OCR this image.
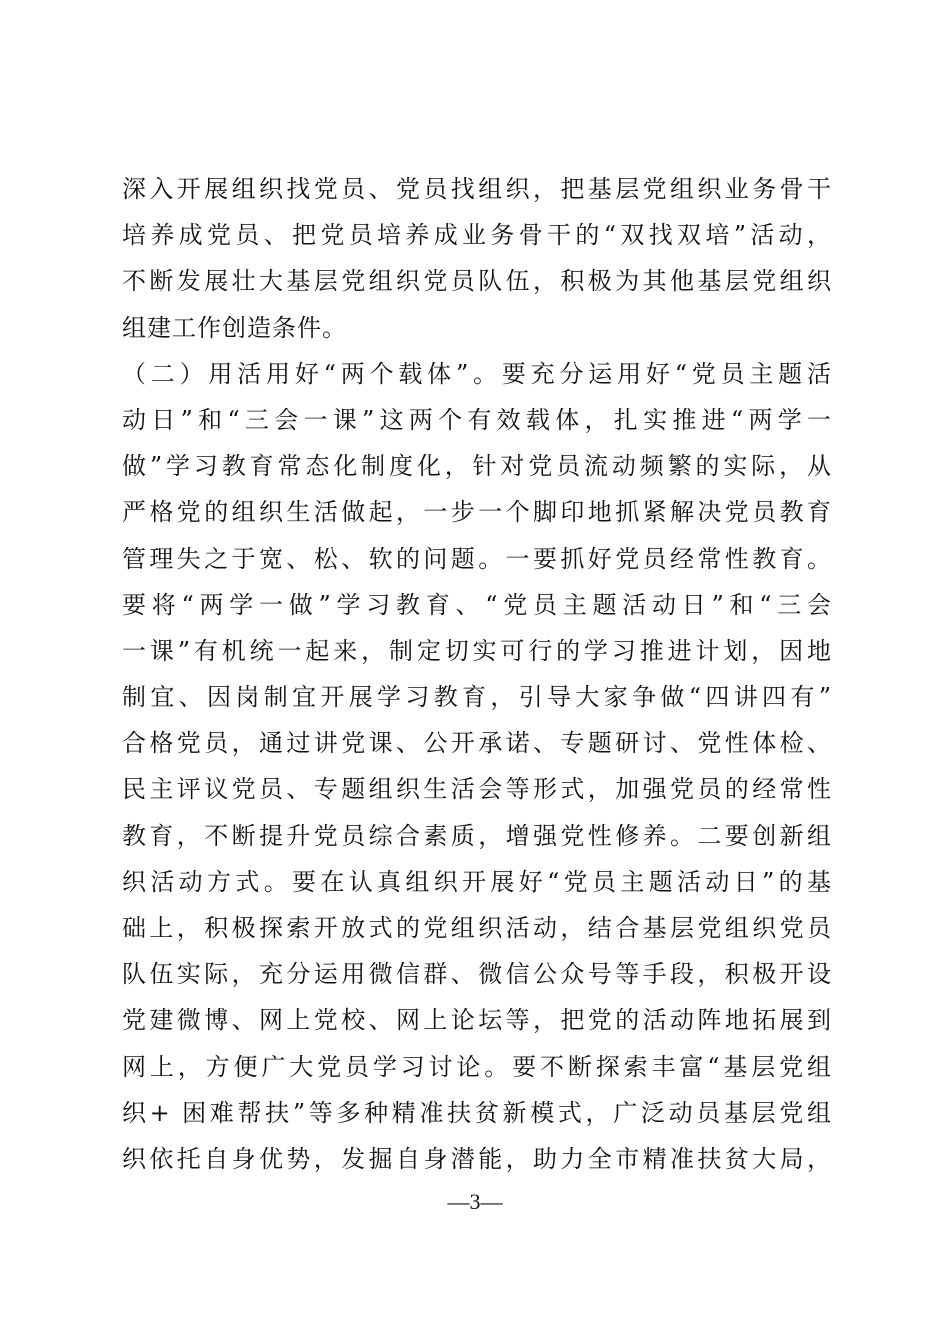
深入开展组织找党员、党员找组织，把基层党组织业务骨干
培养成党员、把党员培养成业务骨干的“双找双培”活动，
不断发展壮大基层党组织党员队伍，积极为其他基层党组织
组建工作创造条件。
（二）用活用好“两个载体”。要充分运用好“党员主题活
动日”和“三会一课”这两个有效载体，扎实推进“两学一
做”学习教育常态化制度化，针对党员流动频繁的实际，从
严格党的组织生活做起，一步一个脚印地抓紧解决党员教育
管理失之于宽、松、软的问题。一要抓好党员经常性教育。
要将“两学一做”学习教育、“党员主题活动日”和“三会
一课”有机统一起来，制定切实可行的学习推进计划，因地
制宜、因岗制宜开展学习教育，引导大家争做“四讲四有”
合格党员，通过讲党课、公开承诺、专题研讨、党性体检、
民主评议党员、专题组织生活会等形式，加强党员的经常性
教育，不断提升党员综合素质，增强党性修养。二要创新组
织活动方式。要在认真组织开展好“党员主题活动日”的基
础上，积极探索开放式的党组织活动，结合基层党组织党员
队伍实际，充分运用微信群、微信公众号等手段，积极开设
党建微博、网上党校、网上论坛等，把党的活动阵地拓展到
网上，方便广大党员学习讨论。要不断探索丰富“基层党组
织+ 困难帮扶”等多种精准扶贫新模式，广泛动员基层党组
织依托自身优势，发掘自身潜能，助力全市精准扶贫大局，
—3—
